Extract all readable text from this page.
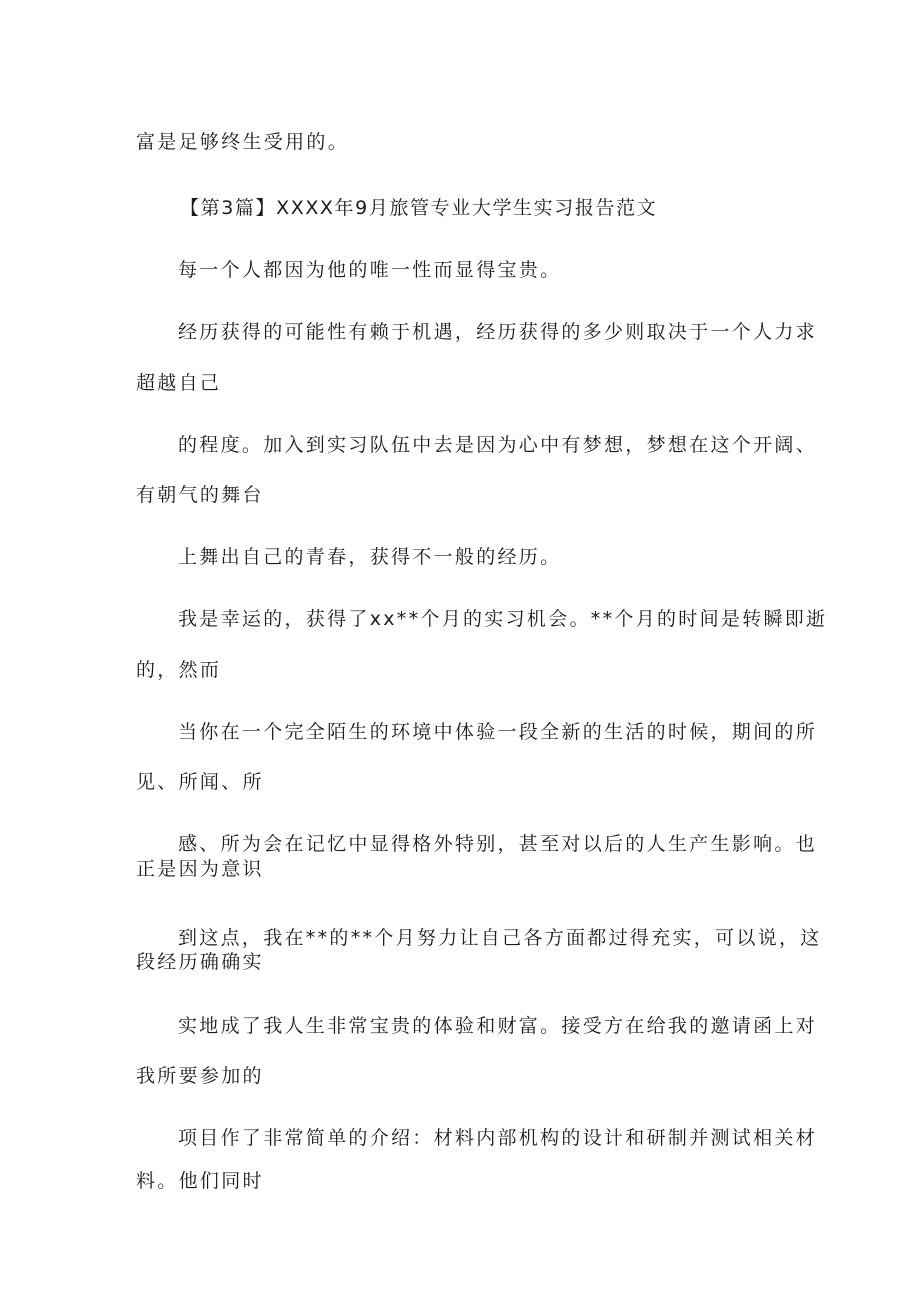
富是足够终生受用的。
【第3篇】XXXX年9月旅管专业大学生实习报告范文
每一个人都因为他的唯一性而显得宝贵。
经历获得的可能性有赖于机遇，经历获得的多少则取决于一个人力求
超越自己
的程度。加入到实习队伍中去是因为心中有梦想，梦想在这个开阔、
有朝气的舞台
上舞出自己的青春，获得不一般的经历。
我是幸运的，获得了xx**个月的实习机会。**个月的时间是转瞬即逝
的，然而
当你在一个完全陌生的环境中体验一段全新的生活的时候，期间的所
见、所闻、所
感、所为会在记忆中显得格外特别，甚至对以后的人生产生影响。也
正是因为意识
到这点，我在**的**个月努力让自己各方面都过得充实，可以说，这
段经历确确实
实地成了我人生非常宝贵的体验和财富。接受方在给我的邀请函上对
我所要参加的
项目作了非常简单的介绍：材料内部机构的设计和研制并测试相关材
料。他们同时
